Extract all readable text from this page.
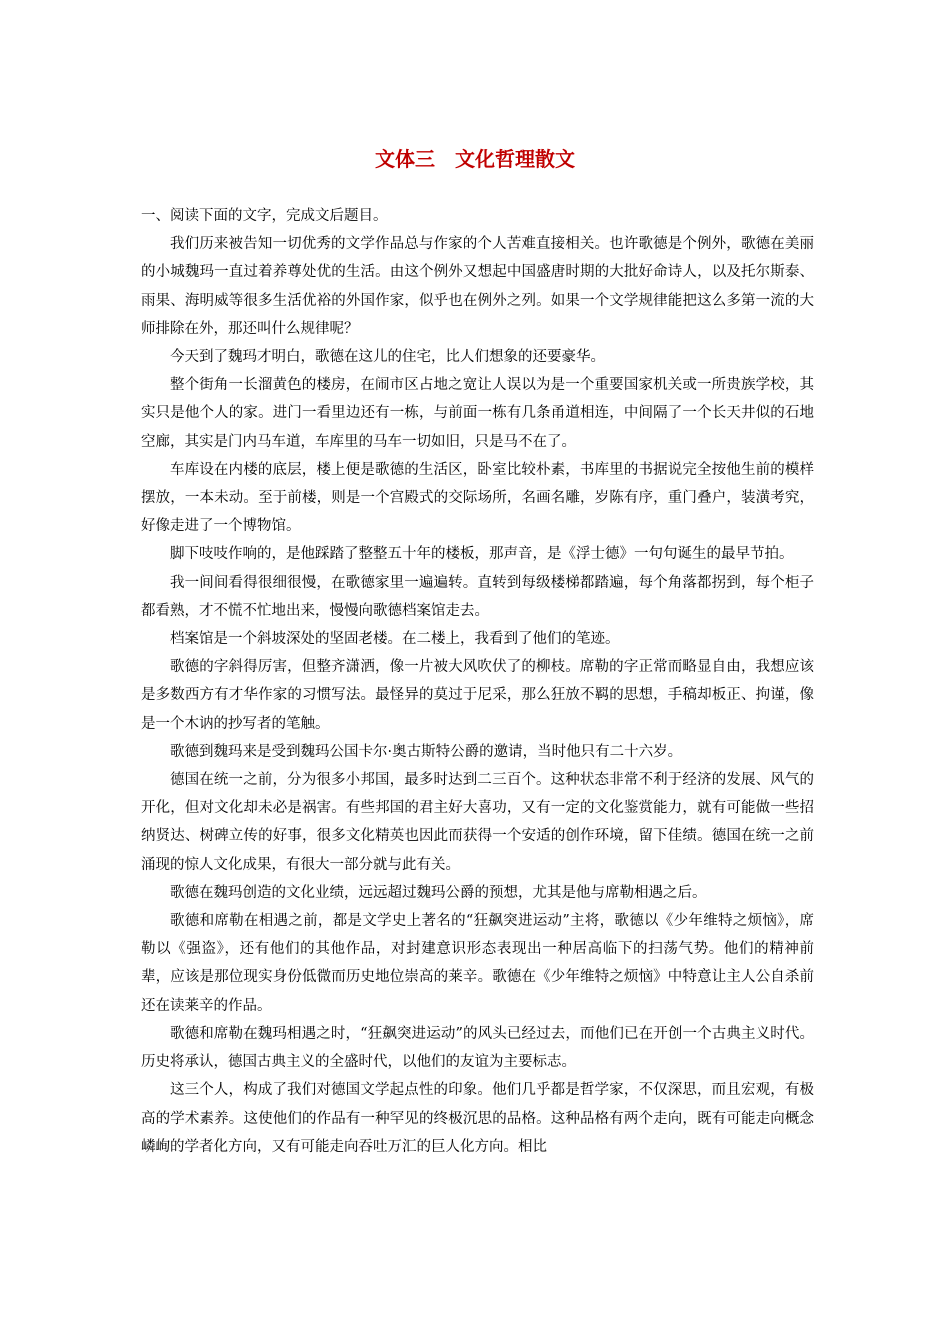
文体三　文化哲理散文

一、阅读下面的文字，完成文后题目。

我们历来被告知一切优秀的文学作品总与作家的个人苦难直接相关。也许歌德是个例外，歌德在美丽的小城魏玛一直过着养尊处优的生活。由这个例外又想起中国盛唐时期的大批好命诗人，以及托尔斯泰、雨果、海明威等很多生活优裕的外国作家，似乎也在例外之列。如果一个文学规律能把这么多第一流的大师排除在外，那还叫什么规律呢？

今天到了魏玛才明白，歌德在这儿的住宅，比人们想象的还要豪华。

整个街角一长溜黄色的楼房，在闹市区占地之宽让人误以为是一个重要国家机关或一所贵族学校，其实只是他个人的家。进门一看里边还有一栋，与前面一栋有几条甬道相连，中间隔了一个长天井似的石地空廊，其实是门内马车道，车库里的马车一切如旧，只是马不在了。

车库设在内楼的底层，楼上便是歌德的生活区，卧室比较朴素，书库里的书据说完全按他生前的模样摆放，一本未动。至于前楼，则是一个宫殿式的交际场所，名画名雕，岁陈有序，重门叠户，装潢考究，好像走进了一个博物馆。

脚下吱吱作响的，是他踩踏了整整五十年的楼板，那声音，是《浮士德》一句句诞生的最早节拍。

我一间间看得很细很慢，在歌德家里一遍遍转。直转到每级楼梯都踏遍，每个角落都拐到，每个柜子都看熟，才不慌不忙地出来，慢慢向歌德档案馆走去。

档案馆是一个斜坡深处的坚固老楼。在二楼上，我看到了他们的笔迹。

歌德的字斜得厉害，但整齐潇洒，像一片被大风吹伏了的柳枝。席勒的字正常而略显自由，我想应该是多数西方有才华作家的习惯写法。最怪异的莫过于尼采，那么狂放不羁的思想，手稿却板正、拘谨，像是一个木讷的抄写者的笔触。

歌德到魏玛来是受到魏玛公国卡尔·奥古斯特公爵的邀请，当时他只有二十六岁。

德国在统一之前，分为很多小邦国，最多时达到二三百个。这种状态非常不利于经济的发展、风气的开化，但对文化却未必是祸害。有些邦国的君主好大喜功，又有一定的文化鉴赏能力，就有可能做一些招纳贤达、树碑立传的好事，很多文化精英也因此而获得一个安适的创作环境，留下佳绩。德国在统一之前涌现的惊人文化成果，有很大一部分就与此有关。

歌德在魏玛创造的文化业绩，远远超过魏玛公爵的预想，尤其是他与席勒相遇之后。

歌德和席勒在相遇之前，都是文学史上著名的“狂飙突进运动”主将，歌德以《少年维特之烦恼》，席勒以《强盗》，还有他们的其他作品，对封建意识形态表现出一种居高临下的扫荡气势。他们的精神前辈，应该是那位现实身份低微而历史地位崇高的莱辛。歌德在《少年维特之烦恼》中特意让主人公自杀前还在读莱辛的作品。

歌德和席勒在魏玛相遇之时，“狂飙突进运动”的风头已经过去，而他们已在开创一个古典主义时代。历史将承认，德国古典主义的全盛时代，以他们的友谊为主要标志。

这三个人，构成了我们对德国文学起点性的印象。他们几乎都是哲学家，不仅深思，而且宏观，有极高的学术素养。这使他们的作品有一种罕见的终极沉思的品格。这种品格有两个走向，既有可能走向概念嶙峋的学者化方向，又有可能走向吞吐万汇的巨人化方向。相比
